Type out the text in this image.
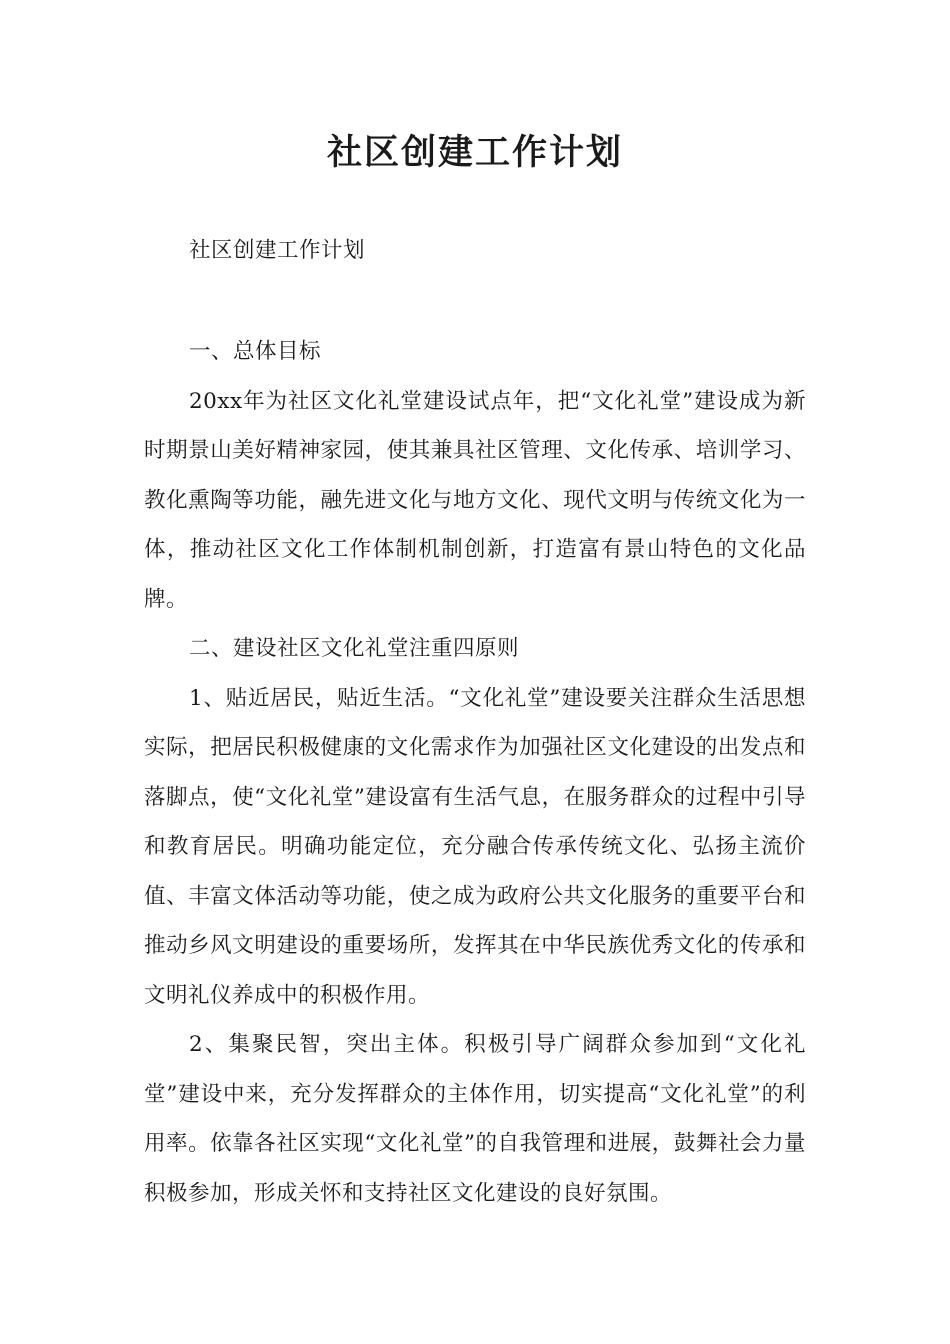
社区创建工作计划

社区创建工作计划

一、总体目标

20xx年为社区文化礼堂建设试点年，把“文化礼堂”建设成为新时期景山美好精神家园，使其兼具社区管理、文化传承、培训学习、教化熏陶等功能，融先进文化与地方文化、现代文明与传统文化为一体，推动社区文化工作体制机制创新，打造富有景山特色的文化品牌。

二、建设社区文化礼堂注重四原则

1、贴近居民，贴近生活。“文化礼堂”建设要关注群众生活思想实际，把居民积极健康的文化需求作为加强社区文化建设的出发点和落脚点，使“文化礼堂”建设富有生活气息，在服务群众的过程中引导和教育居民。明确功能定位，充分融合传承传统文化、弘扬主流价值、丰富文体活动等功能，使之成为政府公共文化服务的重要平台和推动乡风文明建设的重要场所，发挥其在中华民族优秀文化的传承和文明礼仪养成中的积极作用。

2、集聚民智，突出主体。积极引导广阔群众参加到“文化礼堂”建设中来，充分发挥群众的主体作用，切实提高“文化礼堂”的利用率。依靠各社区实现“文化礼堂”的自我管理和进展，鼓舞社会力量积极参加，形成关怀和支持社区文化建设的良好氛围。
